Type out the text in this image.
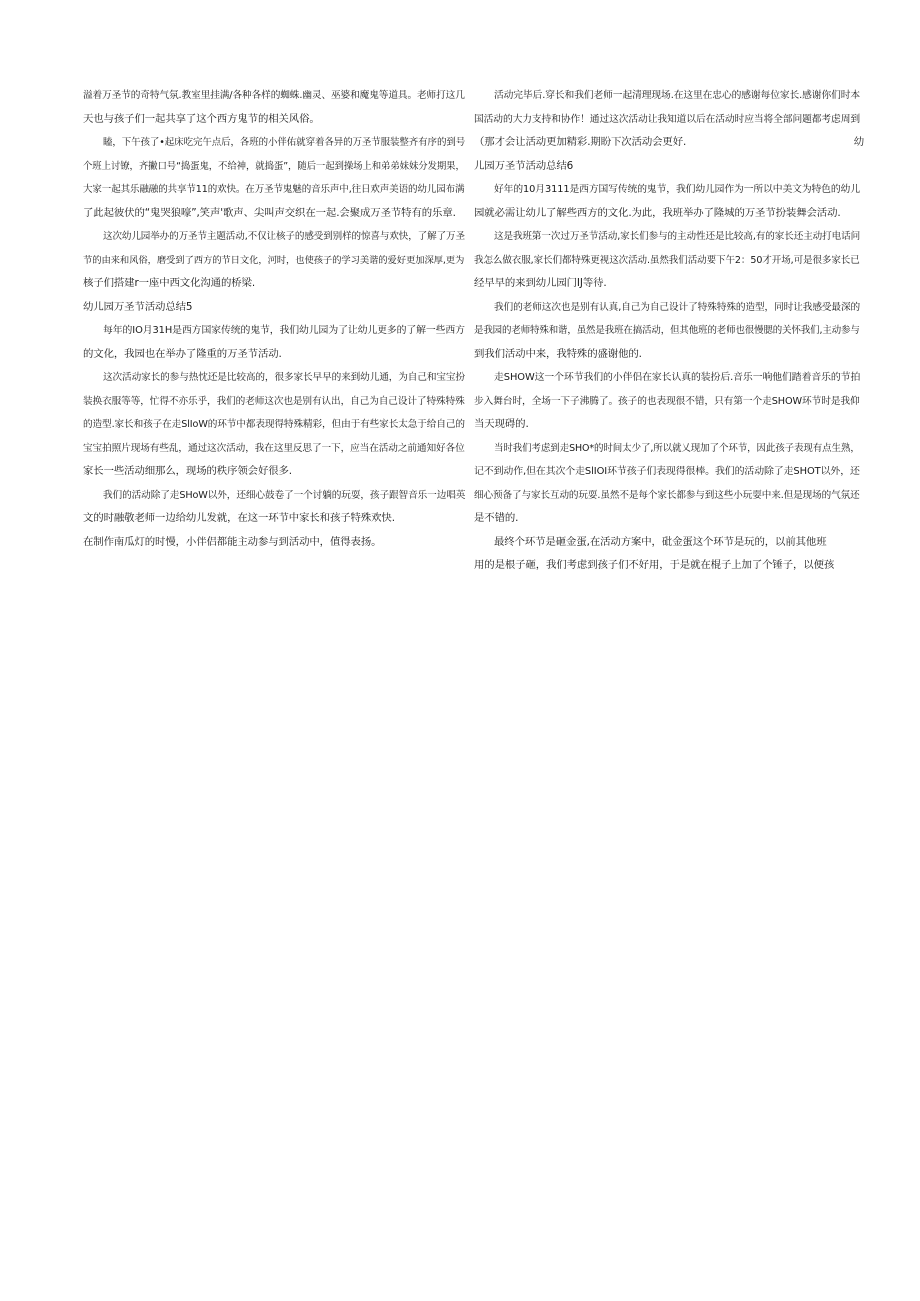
溢着万圣节的奇特气氛.教室里挂满/各种各样的蜘蛛.幽灵、巫婆和魔鬼等道具。老师打这几
天也与孩子们一起共享了这个西方鬼节的相关风俗。
瞌，下午孩了•起床吃完午点后，各班的小伴佑就穿着各异的万圣节服装整齐有序的到号
个班上讨镣，齐撇口号“捣蛋鬼，不给神，就捣蛋”，随后一起到操场上和弟弟妹妹分发期果，
大家一起其乐融融的共享节11的欢快。在万圣节鬼魅的音乐声中,往日欢声美语的幼儿园布满
了此起彼伏的“鬼哭狼嚎”,笑声'歌声、尖叫声交织在一起.会聚成万圣节特有的乐章.
这次幼儿园举办的万圣节主题活动,不仅让核子的感受到别样的惊喜与欢快，了解了万圣
节的由来和风俗，磨受到了西方的节日文化，河时，也使孩子的学习美谐的爱好更加深厚,更为
核子们搭建r一座中西文化沟通的桥梁.
幼儿园万圣节活动总结5
每年的IO月31H是西方国家传统的鬼节，我们幼儿园为了让幼儿更多的了解一些西方
的文化，我园也在举办了隆重的万圣节活动.
这次活动家长的参与热忱还是比较高的，很多家长早早的来到幼儿通，为自己和宝宝扮
装换衣服等等，忙得不亦乐乎，我们的老师这次也是别有认出，自己为自己设计了特殊特殊
的造型.家长和孩子在走SlIoW的环节中都表现得特殊精彩，但由于有些家长太急于给自己的
宝宝拍照片现场有些乱，通过这次活动，我在这里反思了一下，应当在活动之前通知好各位
家长一些活动细那么，现场的秩序领会好很多.
我们的活动除了走SHoW以外，还细心鼓卷了一个讨躺的玩耍，孩子跟智音乐一边唱英
文的时融敬老师一边给幼儿发就，在这一环节中家长和孩子特殊欢快.
在制作南瓜灯的时慢，小伴侣都能主动参与到活动中，值得表扬。
活动完毕后.穿长和我们老师一起清理现场.在这里在忠心的感谢每位家长.感谢你们时本
国活动的大力支持和协作！通过这次活动让我知道以后在活动时应当将全部问题都考虑周到
（那才会让活动更加精彩.期盼下次活动会更好.	幼
儿园万圣节活动总结6
好年的10月3111是西方国写传统的鬼节，我们幼儿园作为一所以中美文为特色的幼儿
园就必需让幼儿了解些西方的文化.为此，我班举办了隆城的万圣节扮装舞会活动.
这是我班第一次过万圣节活动,家长们参与的主动性还是比较高,有的家长还主动打电话问
我怎么做衣服,家长们都特殊更视这次活动.虽然我们活动要下午2：50才开场,可是很多家长已
经早早的来到幼儿园门IJ等待.
我们的老师这次也是别有认真,自己为自己设计了特殊特殊的造型，同时让我感受最深的
是我园的老师特殊和谐，虽然是我班在搞活动，但其他班的老师也很慢腮的关怀我们,主动参与
到我们活动中来，我特殊的盛谢他的.
走SHOW这一个环节我们的小伴侣在家长认真的装扮后.音乐一响他们踏着音乐的节拍
步入舞台时，全场一下子沸腾了。孩子的也表现很不错，只有第一个走SHOW环节时是我仰
当天现碍的.
当时我们考虑到走SHO*的时间太少了,所以就乂现加了个环节，因此孩子表现有点生熟，
记不到动作,但在其次个走SlIOI环节孩子们表现得很棒。我们的活动除了走SHOT以外，还
细心预备了与家长互动的玩耍.虽然不是每个家长都参与到这些小玩耍中来.但是现场的气氛还
是不错的.
最终个环节是砸金蛋,在活动方案中，砒金蛋这个环节是玩的，以前其他班
用的是根子砸，我们考虑到孩子们不好用，于是就在棍子上加了个锤子，以便孩
